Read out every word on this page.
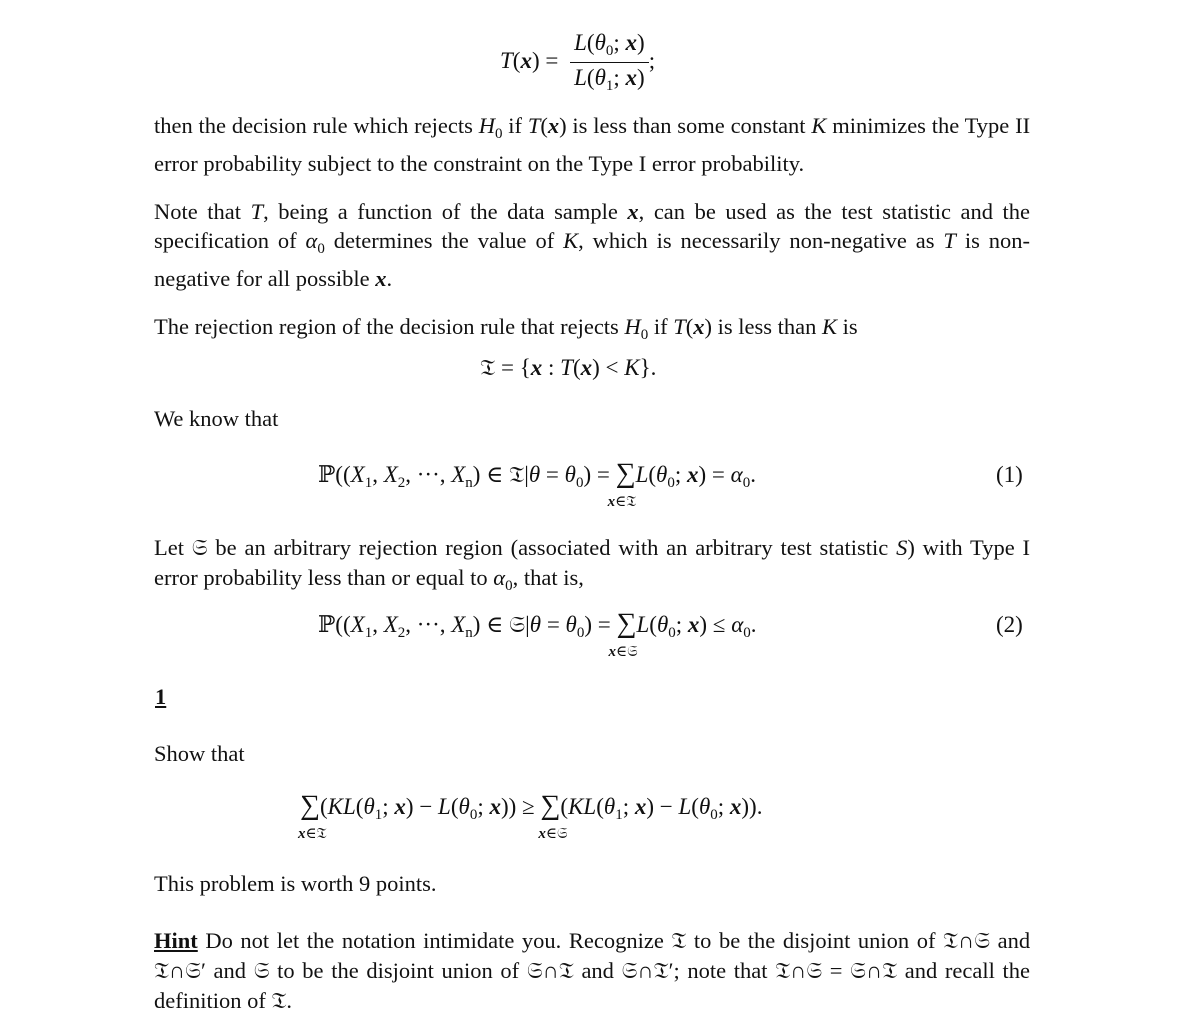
$T(x) = \frac{L(\theta_0; x)}{L(\theta_1; x)}$ ;
then the decision rule which rejects $H_0$ if T(x) is less than some constant K minimizes the Type II error probability subject to the constraint on the Type I error probability.
Note that T, being a function of the data sample x, can be used as the test statistic and the specification of $\alpha_0$ determines the value of K, which is necessarily non-negative as T is non-negative for all possible x.
The rejection region of the decision rule that rejects $H_0$ if T(x) is less than K is
𝔗 = {x : T(x) < K}.
We know that
$ℙ((X_1$, $X_2$, ···, $X_n$) ∈ 𝔗|θ = $\theta_0$) = ∑
x∈𝔗
$L(\theta_0$; $x) = \alpha_0$.	(1)
Let 𝔖 be an arbitrary rejection region (associated with an arbitrary test statistic S) with Type I error probability less than or equal to $\alpha_0$, that is,
$ℙ((X_1$, $X_2$, ···, $X_n$) ∈ 𝔖|θ = $\theta_0$) = ∑
x∈𝔖
$L(\theta_0$; $x) \le \alpha_0$.	(2)
1
Show that
∑
x∈𝔗
($KL(\theta_1$; $x) - L(\theta_0$; x)) ≥ ∑
x∈𝔖
($KL(\theta_1$; $x) - L(\theta_0$; x)).
This problem is worth 9 points.
Hint Do not let the notation intimidate you. Recognize 𝔗 to be the disjoint union of 𝔗∩𝔖 and 𝔗∩𝔖′ and 𝔖 to be the disjoint union of 𝔖∩𝔗 and 𝔖∩𝔗′; note that 𝔗∩𝔖 = 𝔖∩𝔗 and recall the definition of 𝔗.
